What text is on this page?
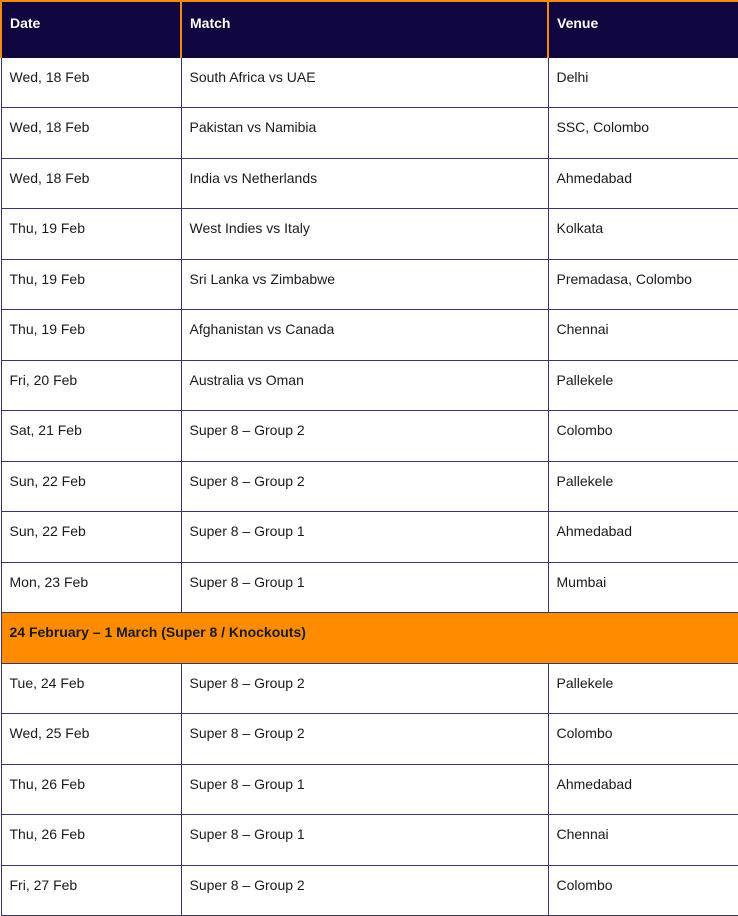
Date	Match	Venue
Wed, 18 Feb	South Africa vs UAE	Delhi
Wed, 18 Feb	Pakistan vs Namibia	SSC, Colombo
Wed, 18 Feb	India vs Netherlands	Ahmedabad
Thu, 19 Feb	West Indies vs Italy	Kolkata
Thu, 19 Feb	Sri Lanka vs Zimbabwe	Premadasa, Colombo
Thu, 19 Feb	Afghanistan vs Canada	Chennai
Fri, 20 Feb	Australia vs Oman	Pallekele
Sat, 21 Feb	Super 8 – Group 2	Colombo
Sun, 22 Feb	Super 8 – Group 2	Pallekele
Sun, 22 Feb	Super 8 – Group 1	Ahmedabad
Mon, 23 Feb	Super 8 – Group 1	Mumbai
24 February – 1 March (Super 8 / Knockouts)		
Tue, 24 Feb	Super 8 – Group 2	Pallekele
Wed, 25 Feb	Super 8 – Group 2	Colombo
Thu, 26 Feb	Super 8 – Group 1	Ahmedabad
Thu, 26 Feb	Super 8 – Group 1	Chennai
Fri, 27 Feb	Super 8 – Group 2	Colombo
